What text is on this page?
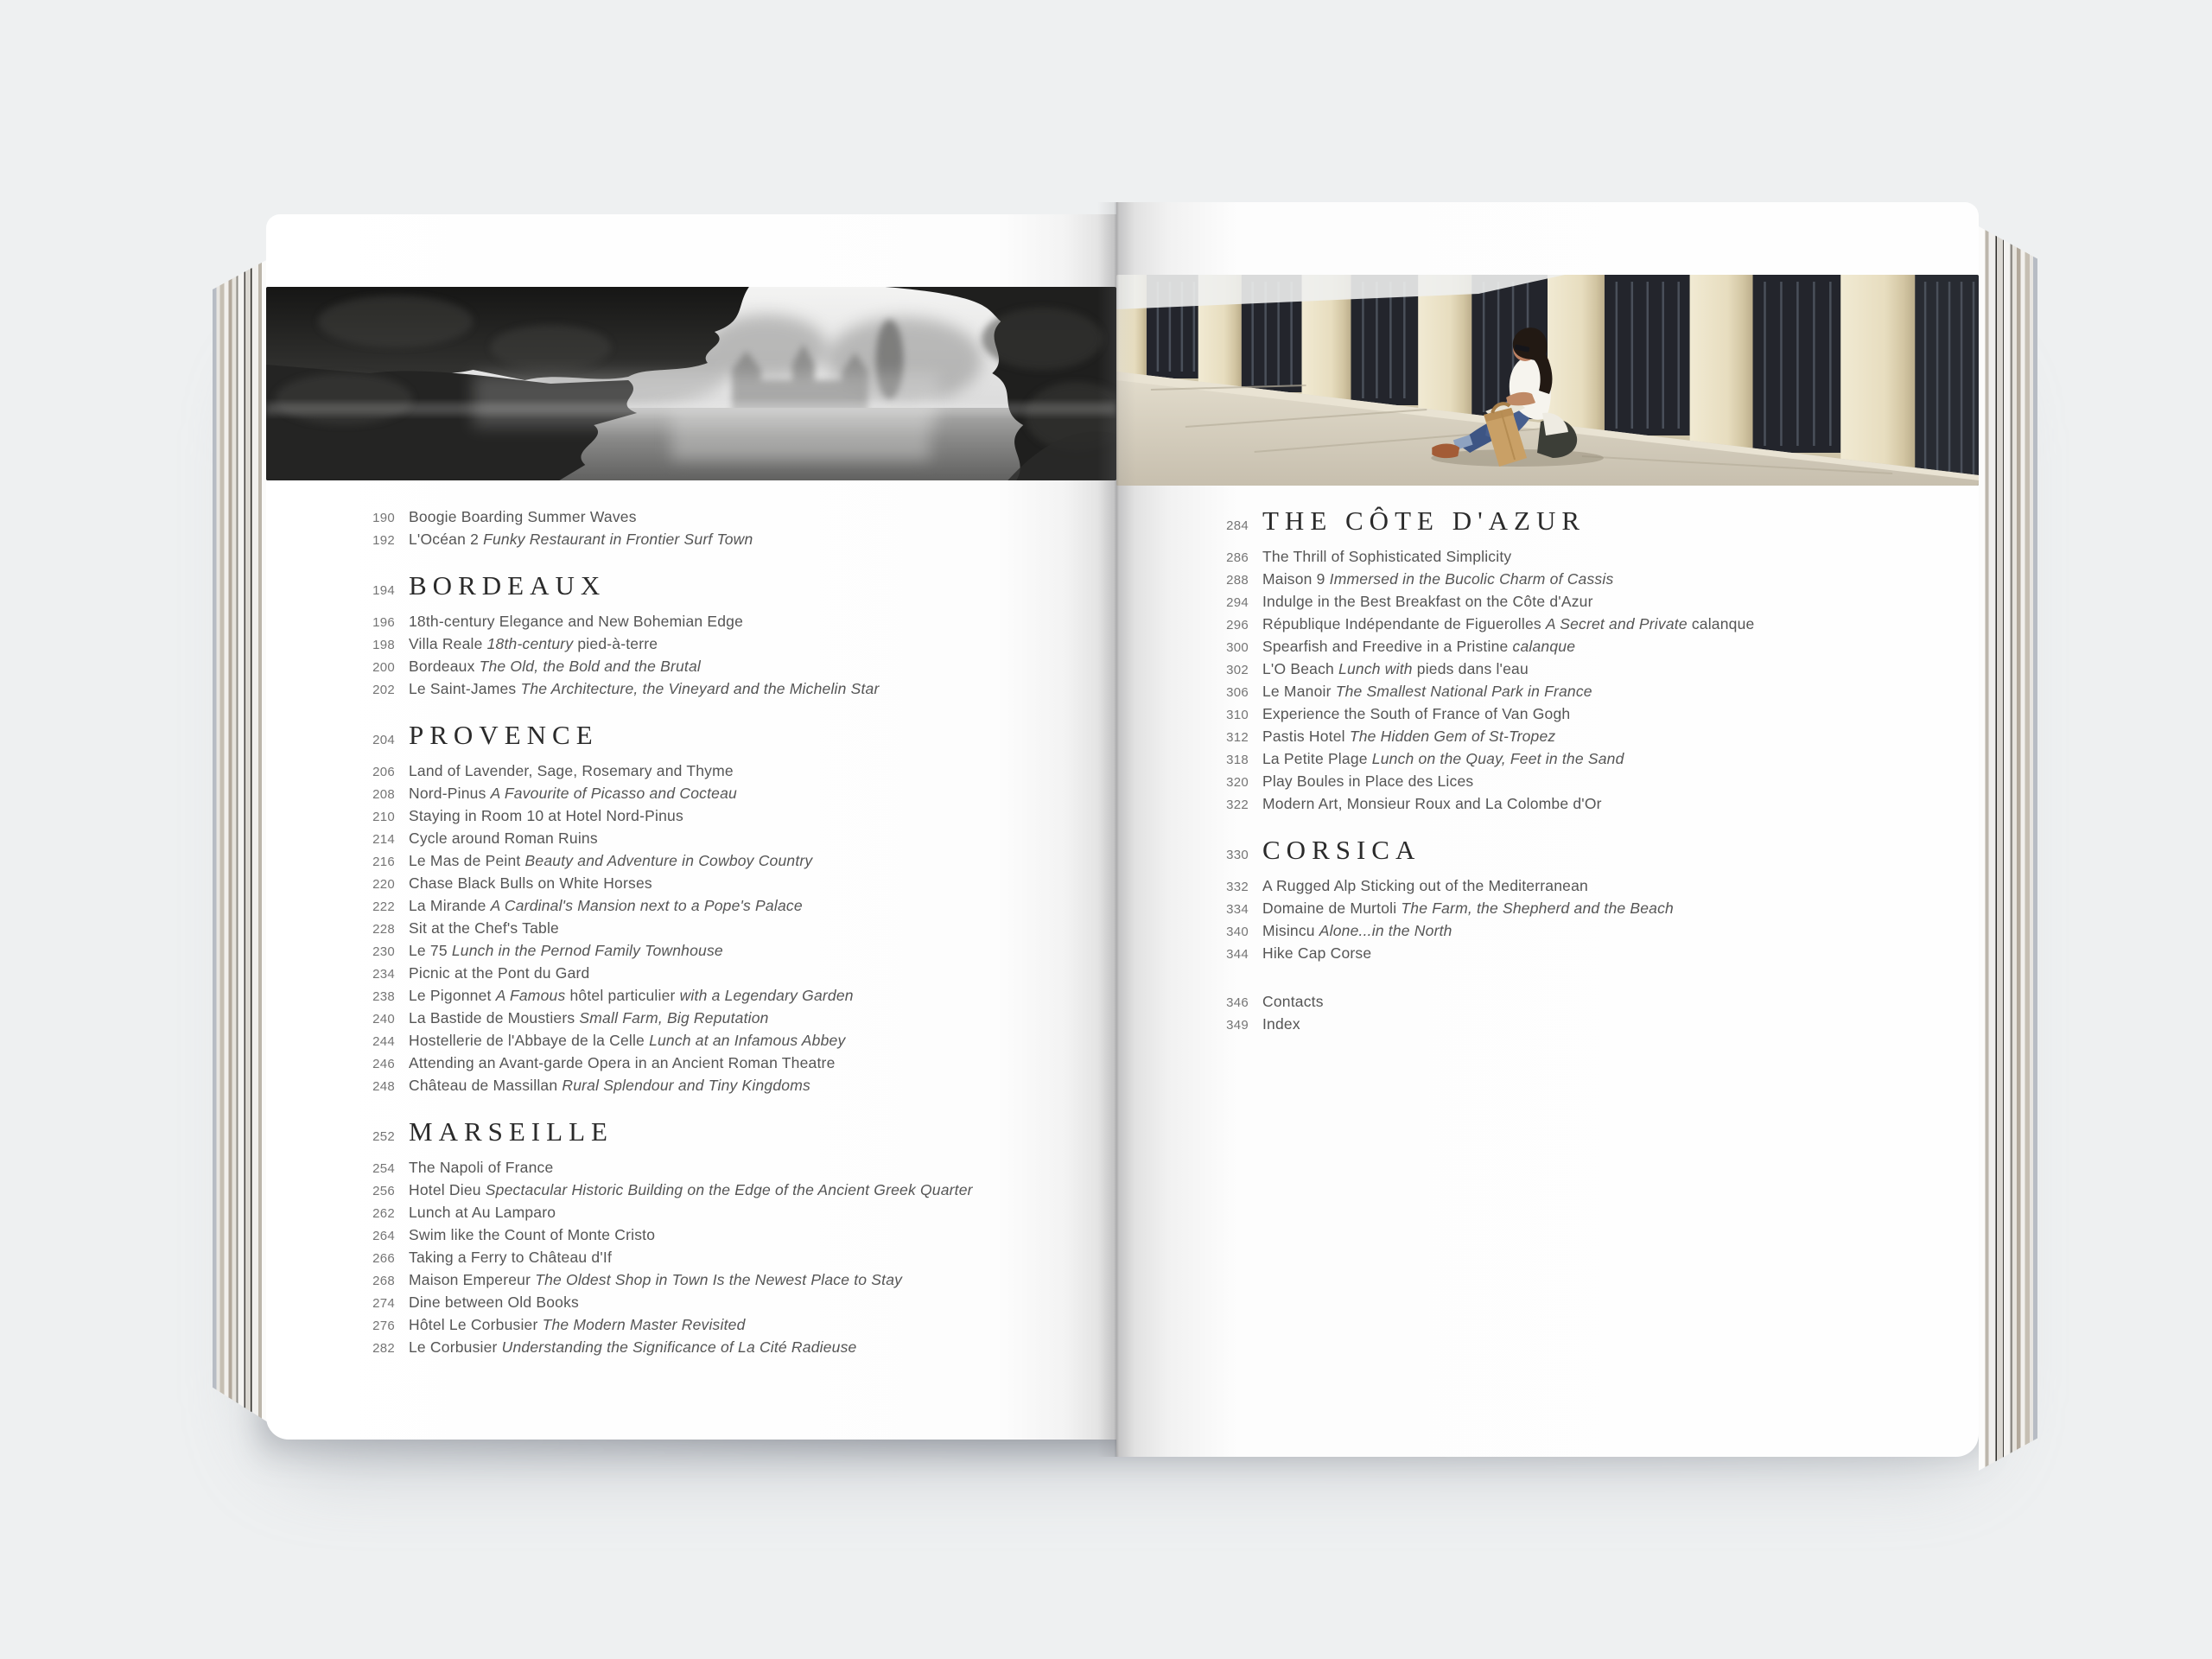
190 Boogie Boarding Summer Waves
192 L'Océan 2 Funky Restaurant in Frontier Surf Town
194 BORDEAUX
196 18th-century Elegance and New Bohemian Edge
198 Villa Reale 18th-century pied-à-terre
200 Bordeaux The Old, the Bold and the Brutal
202 Le Saint-James The Architecture, the Vineyard and the Michelin Star
204 PROVENCE
206 Land of Lavender, Sage, Rosemary and Thyme
208 Nord-Pinus A Favourite of Picasso and Cocteau
210 Staying in Room 10 at Hotel Nord-Pinus
214 Cycle around Roman Ruins
216 Le Mas de Peint Beauty and Adventure in Cowboy Country
220 Chase Black Bulls on White Horses
222 La Mirande A Cardinal's Mansion next to a Pope's Palace
228 Sit at the Chef's Table
230 Le 75 Lunch in the Pernod Family Townhouse
234 Picnic at the Pont du Gard
238 Le Pigonnet A Famous hôtel particulier with a Legendary Garden
240 La Bastide de Moustiers Small Farm, Big Reputation
244 Hostellerie de l'Abbaye de la Celle Lunch at an Infamous Abbey
246 Attending an Avant-garde Opera in an Ancient Roman Theatre
248 Château de Massillan Rural Splendour and Tiny Kingdoms
252 MARSEILLE
254 The Napoli of France
256 Hotel Dieu Spectacular Historic Building on the Edge of the Ancient Greek Quarter
262 Lunch at Au Lamparo
264 Swim like the Count of Monte Cristo
266 Taking a Ferry to Château d'If
268 Maison Empereur The Oldest Shop in Town Is the Newest Place to Stay
274 Dine between Old Books
276 Hôtel Le Corbusier The Modern Master Revisited
282 Le Corbusier Understanding the Significance of La Cité Radieuse
284 THE CÔTE D'AZUR
286 The Thrill of Sophisticated Simplicity
288 Maison 9 Immersed in the Bucolic Charm of Cassis
294 Indulge in the Best Breakfast on the Côte d'Azur
296 République Indépendante de Figuerolles A Secret and Private calanque
300 Spearfish and Freedive in a Pristine calanque
302 L'O Beach Lunch with pieds dans l'eau
306 Le Manoir The Smallest National Park in France
310 Experience the South of France of Van Gogh
312 Pastis Hotel The Hidden Gem of St-Tropez
318 La Petite Plage Lunch on the Quay, Feet in the Sand
320 Play Boules in Place des Lices
322 Modern Art, Monsieur Roux and La Colombe d'Or
330 CORSICA
332 A Rugged Alp Sticking out of the Mediterranean
334 Domaine de Murtoli The Farm, the Shepherd and the Beach
340 Misincu Alone...in the North
344 Hike Cap Corse
346 Contacts
349 Index
